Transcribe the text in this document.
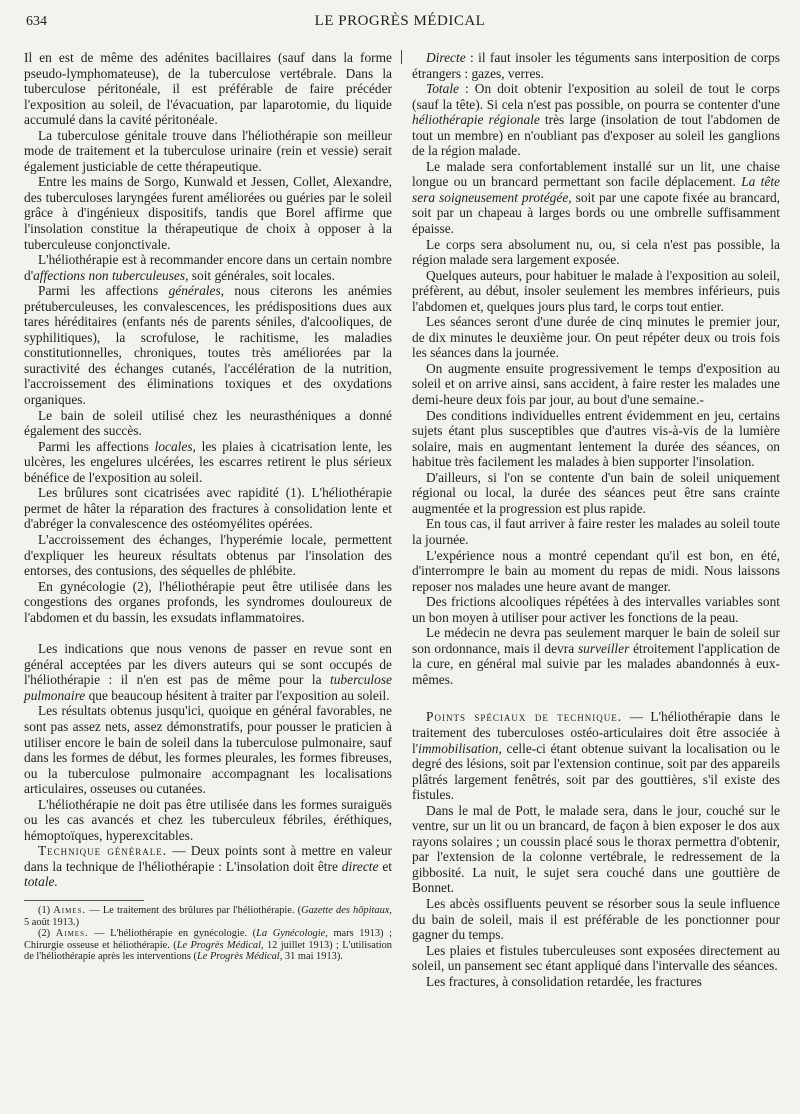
634	LE PROGRÈS MÉDICAL

Il en est de même des adénites bacillaires (sauf dans la forme pseudo-lymphomateuse), de la tuberculose vertébrale. Dans la tuberculose péritonéale, il est préférable de faire précéder l'exposition au soleil, de l'évacuation, par laparotomie, du liquide accumulé dans la cavité péritonéale.

La tuberculose génitale trouve dans l'héliothérapie son meilleur mode de traitement et la tuberculose urinaire (rein et vessie) serait également justiciable de cette thérapeutique.

Entre les mains de Sorgo, Kunwald et Jessen, Collet, Alexandre, des tuberculoses laryngées furent améliorées ou guéries par le soleil grâce à d'ingénieux dispositifs, tandis que Borel affirme que l'insolation constitue la thérapeutique de choix à opposer à la tuberculeuse conjonctivale.

L'héliothérapie est à recommander encore dans un certain nombre d'affections non tuberculeuses, soit générales, soit locales.

Parmi les affections générales, nous citerons les anémies prétuberculeuses, les convalescences, les prédispositions dues aux tares héréditaires (enfants nés de parents séniles, d'alcooliques, de syphilitiques), la scrofulose, le rachitisme, les maladies constitutionnelles, chroniques, toutes très améliorées par la suractivité des échanges cutanés, l'accélération de la nutrition, l'accroissement des éliminations toxiques et des oxydations organiques.

Le bain de soleil utilisé chez les neurasthéniques a donné également des succès.

Parmi les affections locales, les plaies à cicatrisation lente, les ulcères, les engelures ulcérées, les escarres retirent le plus sérieux bénéfice de l'exposition au soleil.

Les brûlures sont cicatrisées avec rapidité (1). L'héliothérapie permet de hâter la réparation des fractures à consolidation lente et d'abréger la convalescence des ostéomyélites opérées.

L'accroissement des échanges, l'hyperémie locale, permettent d'expliquer les heureux résultats obtenus par l'insolation des entorses, des contusions, des séquelles de phlébite.

En gynécologie (2), l'héliothérapie peut être utilisée dans les congestions des organes profonds, les syndromes douloureux de l'abdomen et du bassin, les exsudats inflammatoires.

Les indications que nous venons de passer en revue sont en général acceptées par les divers auteurs qui se sont occupés de l'héliothérapie : il n'en est pas de même pour la tuberculose pulmonaire que beaucoup hésitent à traiter par l'exposition au soleil.

Les résultats obtenus jusqu'ici, quoique en général favorables, ne sont pas assez nets, assez démonstratifs, pour pousser le praticien à utiliser encore le bain de soleil dans la tuberculose pulmonaire, sauf dans les formes de début, les formes pleurales, les formes fibreuses, ou la tuberculose pulmonaire accompagnant les localisations articulaires, osseuses ou cutanées.

L'héliothérapie ne doit pas être utilisée dans les formes suraiguës ou les cas avancés et chez les tuberculeux fébriles, éréthiques, hémoptoïques, hyperexcitables.

Technique générale. — Deux points sont à mettre en valeur dans la technique de l'héliothérapie : L'insolation doit être directe et totale.

(1) Aimes. — Le traitement des brûlures par l'héliothérapie. (Gazette des hôpitaux, 5 août 1913.)

(2) Aimes. — L'héliothérapie en gynécologie. (La Gynécologie, mars 1913) ; Chirurgie osseuse et héliothérapie. (Le Progrès Médical, 12 juillet 1913) ; L'utilisation de l'héliothérapie après les interventions (Le Progrès Médical, 31 mai 1913).

Directe : il faut insoler les téguments sans interposition de corps étrangers : gazes, verres.

Totale : On doit obtenir l'exposition au soleil de tout le corps (sauf la tête). Si cela n'est pas possible, on pourra se contenter d'une héliothérapie régionale très large (insolation de tout l'abdomen de tout un membre) en n'oubliant pas d'exposer au soleil les ganglions de la région malade.

Le malade sera confortablement installé sur un lit, une chaise longue ou un brancard permettant son facile déplacement. La tête sera soigneusement protégée, soit par une capote fixée au brancard, soit par un chapeau à larges bords ou une ombrelle suffisamment épaisse.

Le corps sera absolument nu, ou, si cela n'est pas possible, la région malade sera largement exposée.

Quelques auteurs, pour habituer le malade à l'exposition au soleil, préfèrent, au début, insoler seulement les membres inférieurs, puis l'abdomen et, quelques jours plus tard, le corps tout entier.

Les séances seront d'une durée de cinq minutes le premier jour, de dix minutes le deuxième jour. On peut répéter deux ou trois fois les séances dans la journée.

On augmente ensuite progressivement le temps d'exposition au soleil et on arrive ainsi, sans accident, à faire rester les malades une demi-heure deux fois par jour, au bout d'une semaine.-

Des conditions individuelles entrent évidemment en jeu, certains sujets étant plus susceptibles que d'autres vis-à-vis de la lumière solaire, mais en augmentant lentement la durée des séances, on habitue très facilement les malades à bien supporter l'insolation.

D'ailleurs, si l'on se contente d'un bain de soleil uniquement régional ou local, la durée des séances peut être sans crainte augmentée et la progression est plus rapide.

En tous cas, il faut arriver à faire rester les malades au soleil toute la journée.

L'expérience nous a montré cependant qu'il est bon, en été, d'interrompre le bain au moment du repas de midi. Nous laissons reposer nos malades une heure avant de manger.

Des frictions alcooliques répétées à des intervalles variables sont un bon moyen à utiliser pour activer les fonctions de la peau.

Le médecin ne devra pas seulement marquer le bain de soleil sur son ordonnance, mais il devra surveiller étroitement l'application de la cure, en général mal suivie par les malades abandonnés à eux-mêmes.

Points spéciaux de technique. — L'héliothérapie dans le traitement des tuberculoses ostéo-articulaires doit être associée à l'immobilisation, celle-ci étant obtenue suivant la localisation ou le degré des lésions, soit par l'extension continue, soit par des appareils plâtrés largement fenêtrés, soit par des gouttières, s'il existe des fistules.

Dans le mal de Pott, le malade sera, dans le jour, couché sur le ventre, sur un lit ou un brancard, de façon à bien exposer le dos aux rayons solaires ; un coussin placé sous le thorax permettra d'obtenir, par l'extension de la colonne vertébrale, le redressement de la gibbosité. La nuit, le sujet sera couché dans une gouttière de Bonnet.

Les abcès ossifluents peuvent se résorber sous la seule influence du bain de soleil, mais il est préférable de les ponctionner pour gagner du temps.

Les plaies et fistules tuberculeuses sont exposées directement au soleil, un pansement sec étant appliqué dans l'intervalle des séances.

Les fractures, à consolidation retardée, les fractures
